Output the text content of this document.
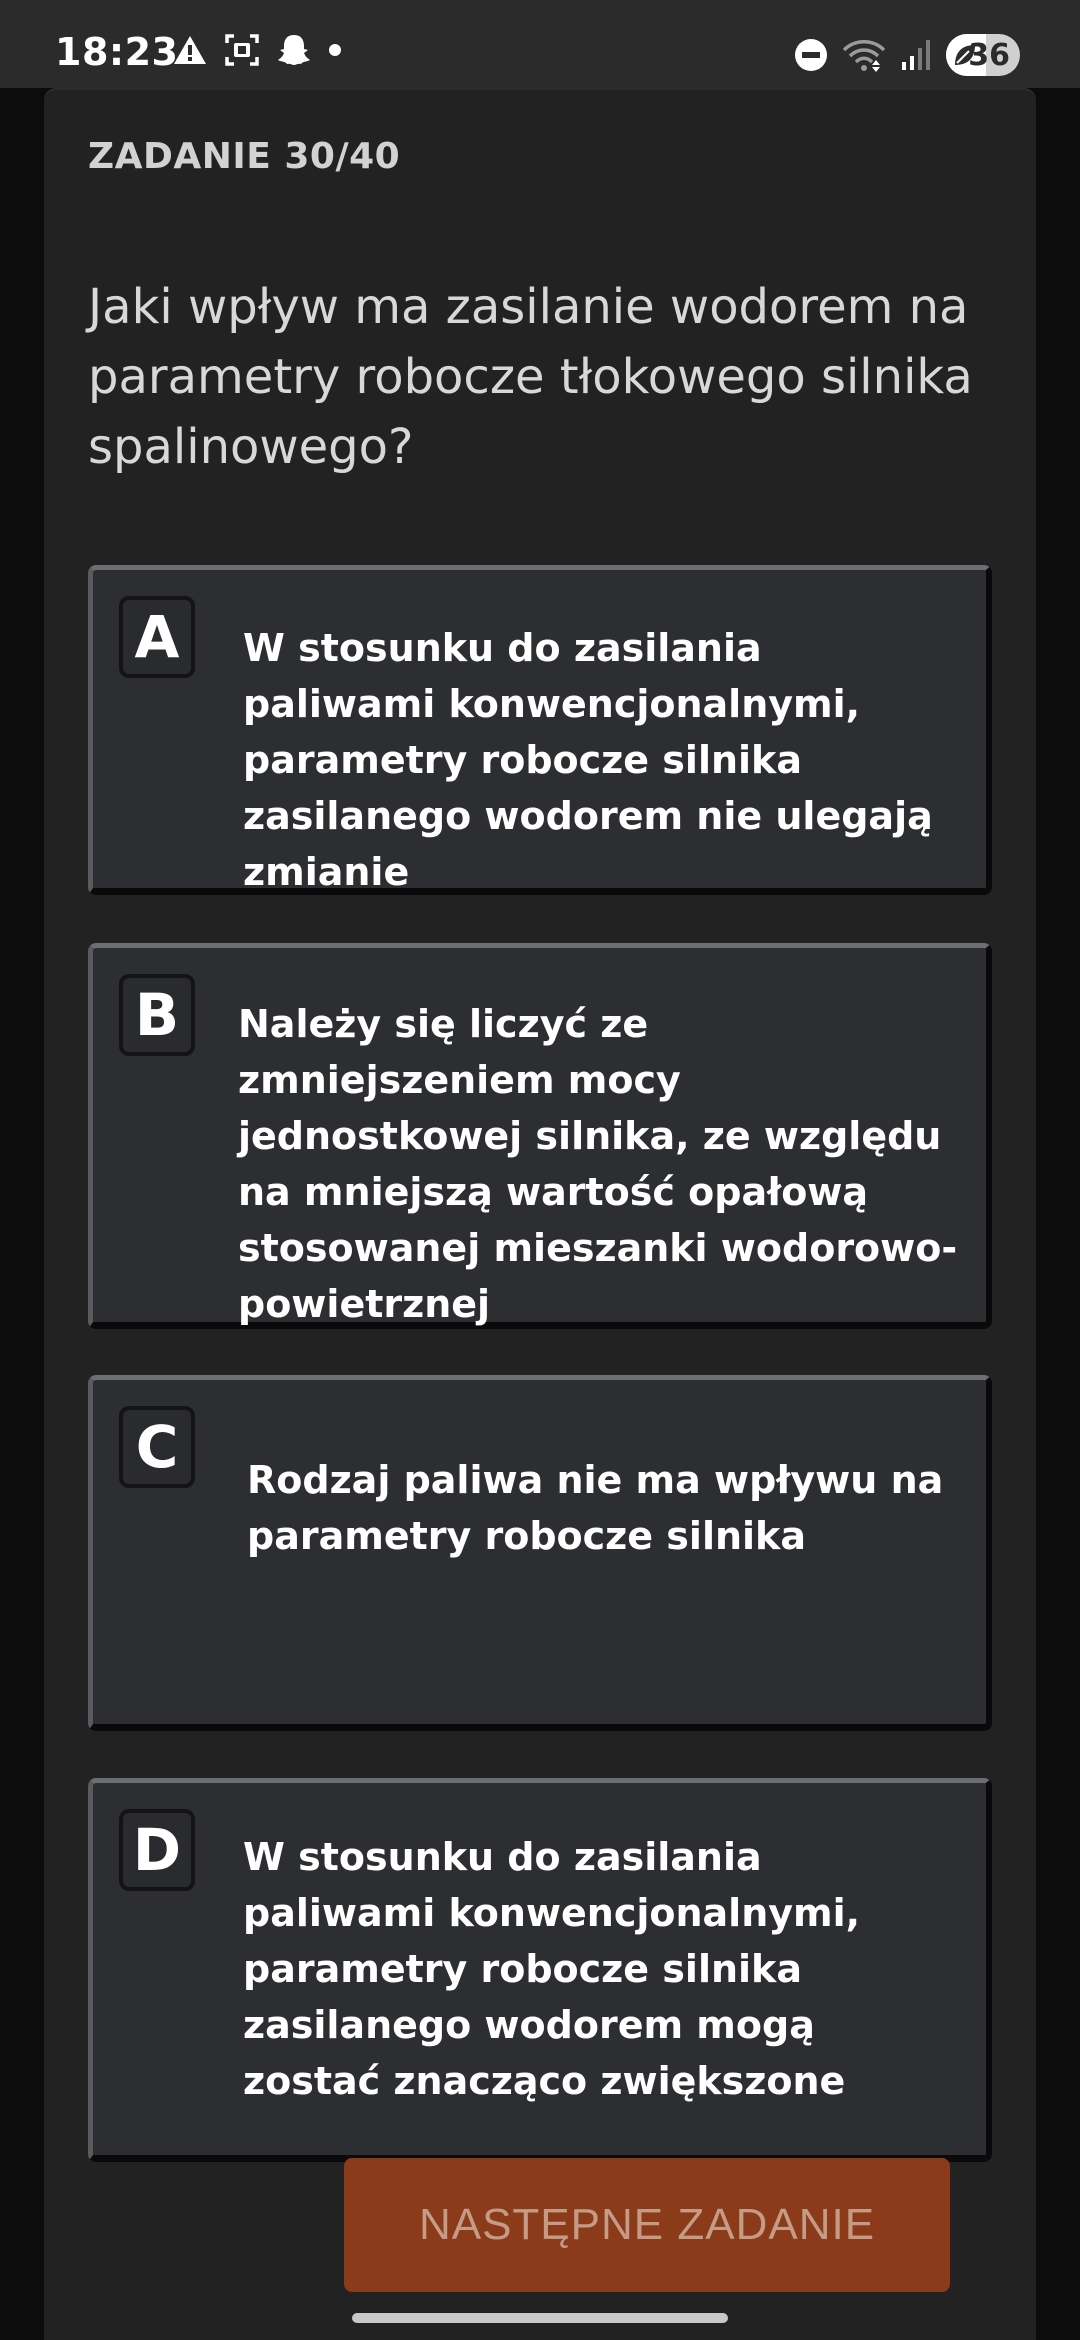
18:23	36
ZADANIE 30/40
Jaki wpływ ma zasilanie wodorem na parametry robocze tłokowego silnika spalinowego?
A	W stosunku do zasilania paliwami konwencjonalnymi, parametry robocze silnika zasilanego wodorem nie ulegają zmianie
B	Należy się liczyć ze zmniejszeniem mocy jednostkowej silnika, ze względu na mniejszą wartość opałową stosowanej mieszanki wodorowo-powietrznej
C	Rodzaj paliwa nie ma wpływu na parametry robocze silnika
D	W stosunku do zasilania paliwami konwencjonalnymi, parametry robocze silnika zasilanego wodorem mogą zostać znacząco zwiększone
NASTĘPNE ZADANIE
